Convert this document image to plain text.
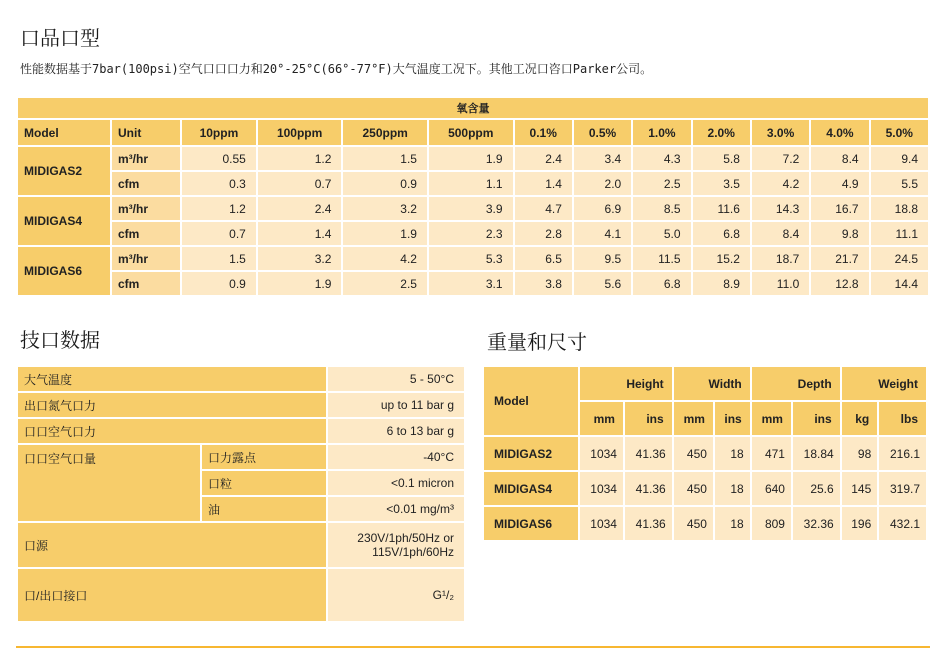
口品口型
性能数据基于7bar(100psi)空气口口口力和20°-25°C(66°-77°F)大气温度工况下。其他工况口咨口Parker公司。
氧含量												
Model	Unit	10ppm	100ppm	250ppm	500ppm	0.1%	0.5%	1.0%	2.0%	3.0%	4.0%	5.0%
MIDIGAS2	m³/hr	0.55	1.2	1.5	1.9	2.4	3.4	4.3	5.8	7.2	8.4	9.4
	cfm	0.3	0.7	0.9	1.1	1.4	2.0	2.5	3.5	4.2	4.9	5.5
MIDIGAS4	m³/hr	1.2	2.4	3.2	3.9	4.7	6.9	8.5	11.6	14.3	16.7	18.8
	cfm	0.7	1.4	1.9	2.3	2.8	4.1	5.0	6.8	8.4	9.8	11.1
MIDIGAS6	m³/hr	1.5	3.2	4.2	5.3	6.5	9.5	11.5	15.2	18.7	21.7	24.5
	cfm	0.9	1.9	2.5	3.1	3.8	5.6	6.8	8.9	11.0	12.8	14.4
技口数据
大气温度		5 - 50°C
出口氮气口力		up to 11 bar g
口口空气口力		6 to 13 bar g
口口空气口量	口力露点	-40°C
	口粒	<0.1 micron
	油	<0.01 mg/m³
口源		230V/1ph/50Hz or
115V/1ph/60Hz

口/出口接口		G¹/₂
重量和尺寸
Model	Height		Width		Depth		Weight	
	mm	ins	mm	ins	mm	ins	kg	lbs
MIDIGAS2	1034	41.36	450	18	471	18.84	98	216.1
MIDIGAS4	1034	41.36	450	18	640	25.6	145	319.7
MIDIGAS6	1034	41.36	450	18	809	32.36	196	432.1
